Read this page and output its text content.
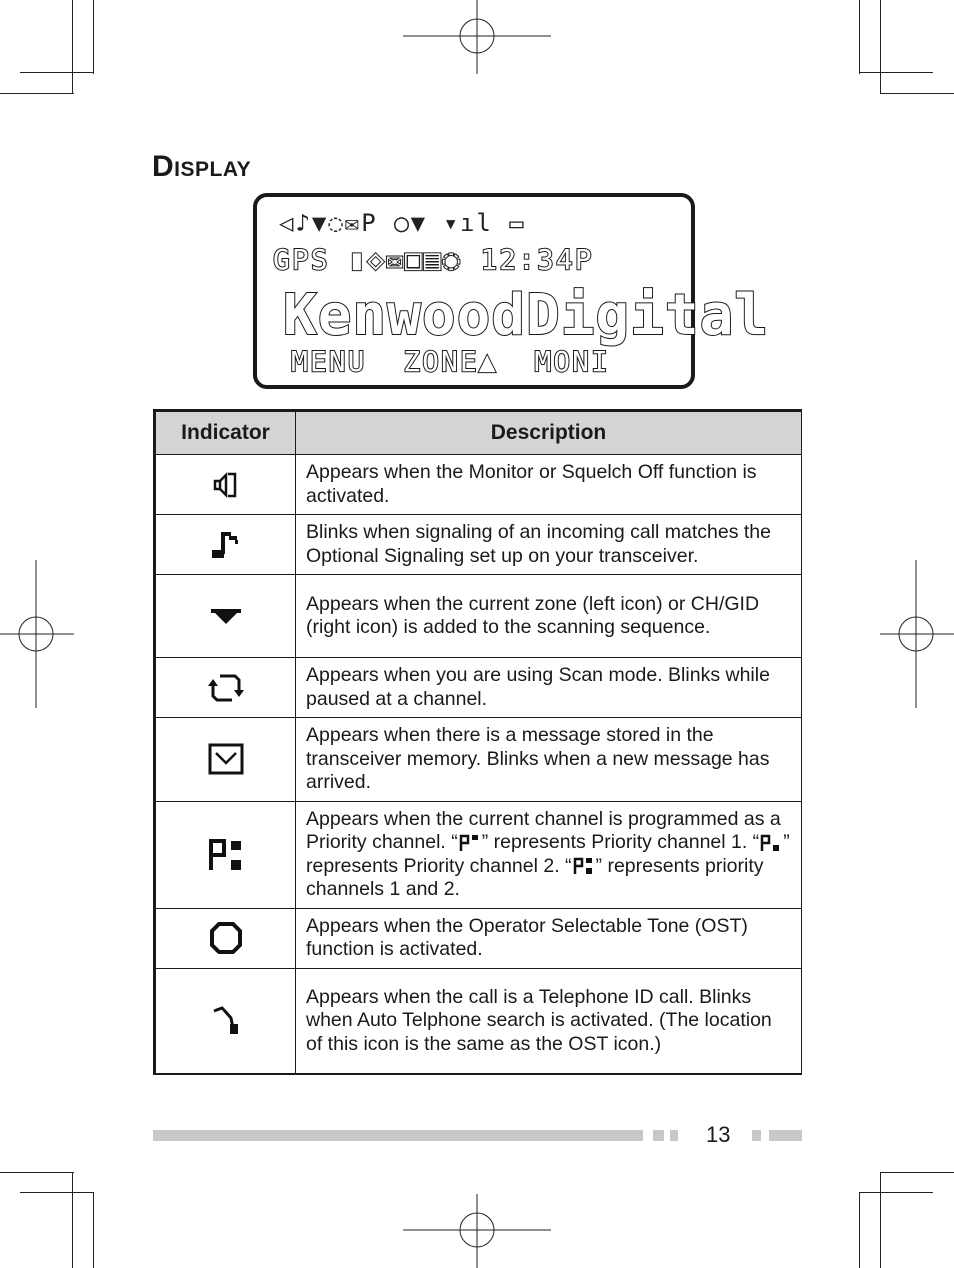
Display
◁♪▼◌✉P ◯▼ ▾ıl ▭
GPS ▮◇✉▣▤◌ 12:34P
KenwoodDigital
MENU ZONE▲ MONI
Indicator	Description
	Appears when the Monitor or Squelch Off function is activated.
	Blinks when signaling of an incoming call matches the Optional Signaling set up on your transceiver.
	Appears when the current zone (left icon) or CH/GID (right icon) is added to the scanning sequence.
	Appears when you are using Scan mode. Blinks while paused at a channel.
	Appears when there is a message stored in the transceiver memory. Blinks when a new message has arrived.
	Appears when the current channel is programmed as a Priority channel. “ ” represents Priority channel 1. “ ” represents Priority channel 2. “ ” represents priority channels 1 and 2.
	Appears when the Operator Selectable Tone (OST) function is activated.
	Appears when the call is a Telephone ID call. Blinks when Auto Telphone search is activated. (The location of this icon is the same as the OST icon.)
13
